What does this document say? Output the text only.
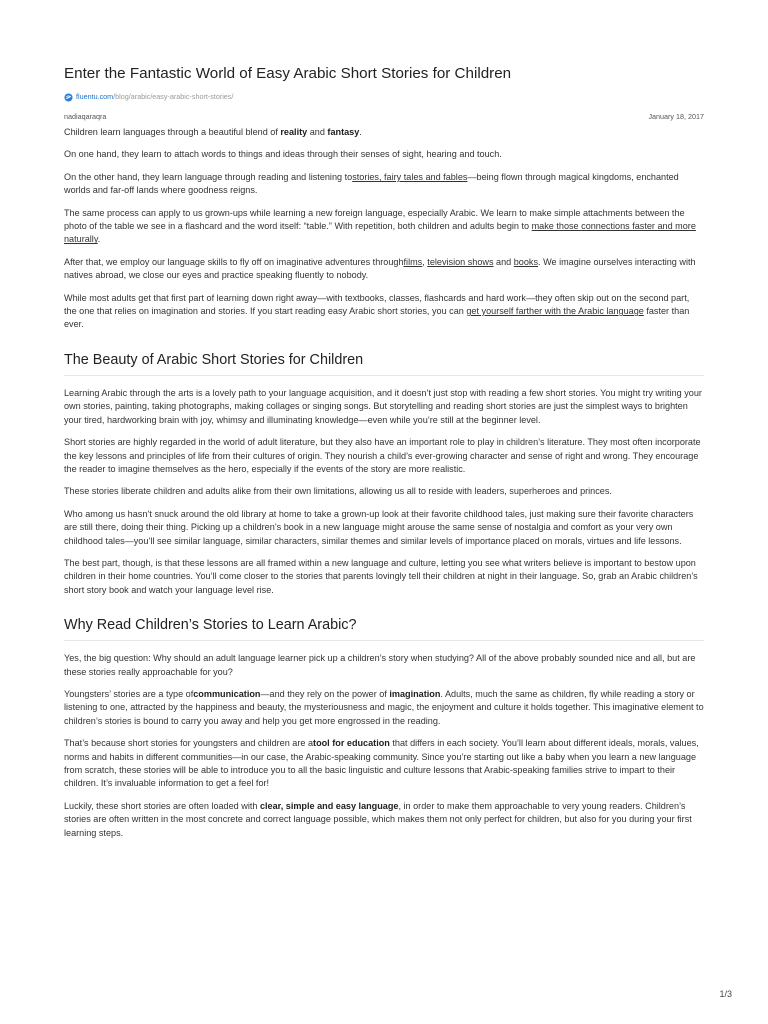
Enter the Fantastic World of Easy Arabic Short Stories for Children
fluentu.com /blog/arabic/easy-arabic-short-stories/
nadiaqaraqra	January 18, 2017

Children learn languages through a beautiful blend of reality and fantasy.

On one hand, they learn to attach words to things and ideas through their senses of sight, hearing and touch.

On the other hand, they learn language through reading and listening tostories, fairy tales and fables—being flown through magical kingdoms, enchanted worlds and far-off lands where goodness reigns.

The same process can apply to us grown-ups while learning a new foreign language, especially Arabic. We learn to make simple attachments between the photo of the table we see in a flashcard and the word itself: “table.” With repetition, both children and adults begin to make those connections faster and more naturally.

After that, we employ our language skills to fly off on imaginative adventures throughfilms, television shows and books. We imagine ourselves interacting with natives abroad, we close our eyes and practice speaking fluently to nobody.

While most adults get that first part of learning down right away—with textbooks, classes, flashcards and hard work—they often skip out on the second part, the one that relies on imagination and stories. If you start reading easy Arabic short stories, you can get yourself farther with the Arabic language faster than ever.

The Beauty of Arabic Short Stories for Children

Learning Arabic through the arts is a lovely path to your language acquisition, and it doesn’t just stop with reading a few short stories. You might try writing your own stories, painting, taking photographs, making collages or singing songs. But storytelling and reading short stories are just the simplest ways to brighten your tired, hardworking brain with joy, whimsy and illuminating knowledge—even while you’re still at the beginner level.

Short stories are highly regarded in the world of adult literature, but they also have an important role to play in children’s literature. They most often incorporate the key lessons and principles of life from their cultures of origin. They nourish a child’s ever-growing character and sense of right and wrong. They encourage the reader to imagine themselves as the hero, especially if the events of the story are more realistic.

These stories liberate children and adults alike from their own limitations, allowing us all to reside with leaders, superheroes and princes.

Who among us hasn’t snuck around the old library at home to take a grown-up look at their favorite childhood tales, just making sure their favorite characters are still there, doing their thing. Picking up a children’s book in a new language might arouse the same sense of nostalgia and comfort as your very own childhood tales—you’ll see similar language, similar characters, similar themes and similar levels of importance placed on morals, virtues and life lessons.

The best part, though, is that these lessons are all framed within a new language and culture, letting you see what writers believe is important to bestow upon children in their home countries. You’ll come closer to the stories that parents lovingly tell their children at night in their language. So, grab an Arabic children’s short story book and watch your language level rise.

Why Read Children’s Stories to Learn Arabic?

Yes, the big question: Why should an adult language learner pick up a children’s story when studying? All of the above probably sounded nice and all, but are these stories really approachable for you?

Youngsters’ stories are a type ofcommunication—and they rely on the power of imagination. Adults, much the same as children, fly while reading a story or listening to one, attracted by the happiness and beauty, the mysteriousness and magic, the enjoyment and culture it holds together. This imaginative element to children’s stories is bound to carry you away and help you get more engrossed in the reading.

That’s because short stories for youngsters and children are atool for education that differs in each society. You’ll learn about different ideals, morals, values, norms and habits in different communities—in our case, the Arabic-speaking community. Since you’re starting out like a baby when you learn a new language from scratch, these stories will be able to introduce you to all the basic linguistic and culture lessons that Arabic-speaking families strive to impart to their children. It’s invaluable information to get a feel for!

Luckily, these short stories are often loaded with clear, simple and easy language, in order to make them approachable to very young readers. Children’s stories are often written in the most concrete and correct language possible, which makes them not only perfect for children, but also for you during your first learning steps.

1/3
